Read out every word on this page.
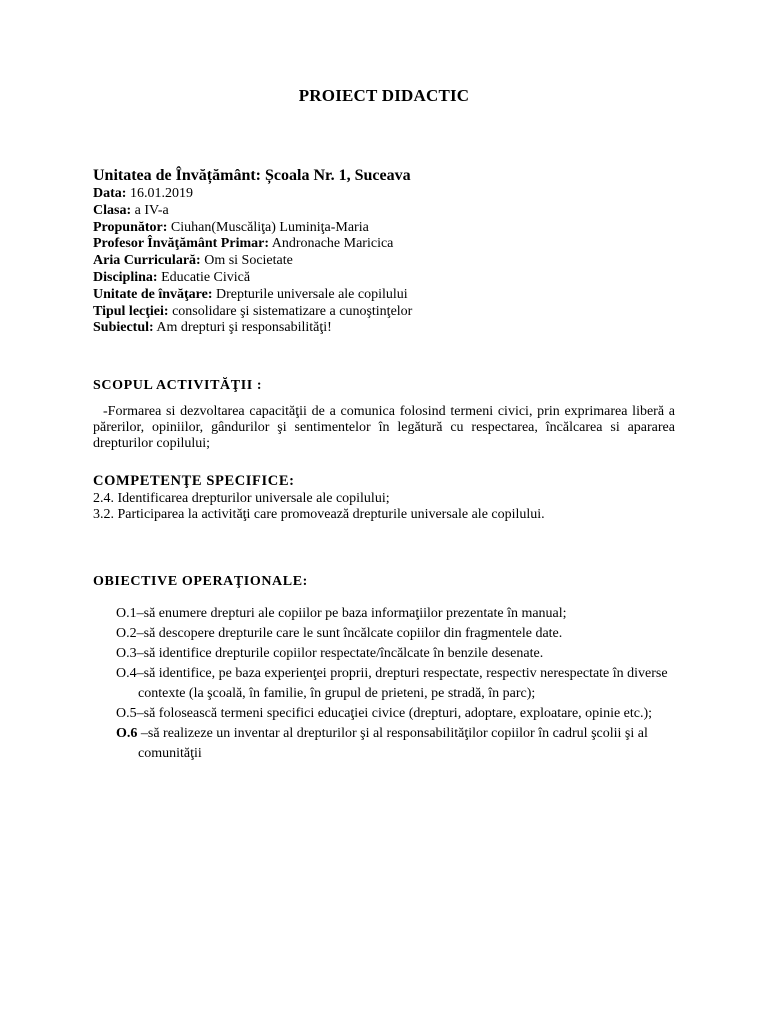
PROIECT DIDACTIC
Unitatea de Învățământ: Școala Nr. 1, Suceava
Data: 16.01.2019
Clasa: a IV-a
Propunător: Ciuhan(Muscăliţa) Luminiţa-Maria
Profesor Învăţământ Primar: Andronache Maricica
Aria Curriculară: Om si Societate
Disciplina: Educatie Civică
Unitate de învăţare: Drepturile universale ale copilului
Tipul lecţiei: consolidare şi sistematizare a cunoştinţelor
Subiectul: Am drepturi şi responsabilităţi!
SCOPUL ACTIVITĂŢII :
-Formarea si dezvoltarea capacităţii de a comunica folosind termeni civici, prin exprimarea liberă a părerilor, opiniilor, gândurilor şi sentimentelor în legătură cu respectarea, încălcarea si apararea drepturilor copilului;
COMPETENŢE SPECIFICE:
2.4. Identificarea drepturilor universale ale copilului;
3.2. Participarea la activităţi care promovează drepturile universale ale copilului.
OBIECTIVE OPERAŢIONALE:
O.1–să enumere drepturi ale copiilor pe baza informaţiilor prezentate în manual;
O.2–să descopere drepturile care le sunt încălcate copiilor din fragmentele date.
O.3–să identifice drepturile copiilor respectate/încălcate în benzile desenate.
O.4–să identifice, pe baza experienţei proprii, drepturi respectate, respectiv nerespectate în diverse contexte (la şcoală, în familie, în grupul de prieteni, pe stradă, în parc);
O.5–să folosească termeni specifici educaţiei civice (drepturi, adoptare, exploatare, opinie etc.);
O.6 –să realizeze un inventar al drepturilor şi al responsabilităţilor copiilor în cadrul şcolii şi al comunităţii
